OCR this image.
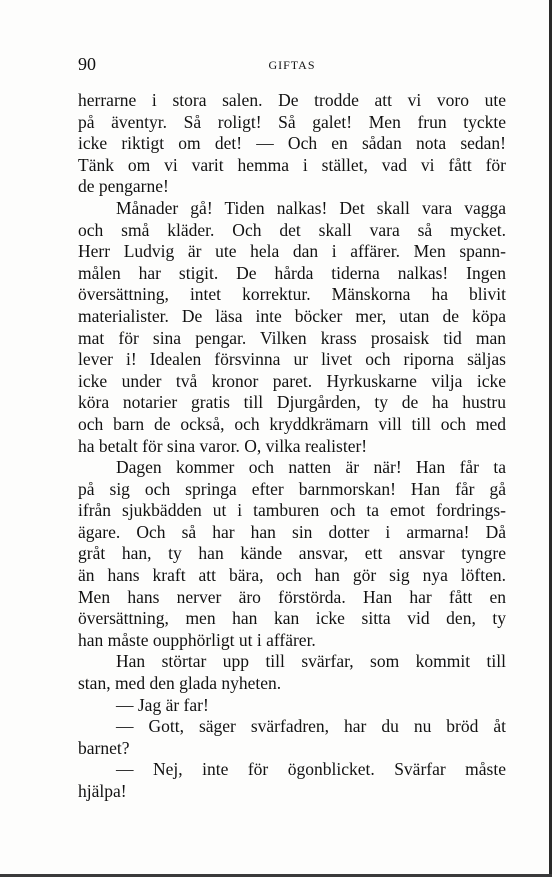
90	GIFTAS
herrarne i stora salen. De trodde att vi voro ute
på äventyr. Så roligt! Så galet! Men frun tyckte
icke riktigt om det! — Och en sådan nota sedan!
Tänk om vi varit hemma i stället, vad vi fått för
de pengarne!
Månader gå! Tiden nalkas! Det skall vara vagga
och små kläder. Och det skall vara så mycket.
Herr Ludvig är ute hela dan i affärer. Men spann-
målen har stigit. De hårda tiderna nalkas! Ingen
översättning, intet korrektur. Mänskorna ha blivit
materialister. De läsa inte böcker mer, utan de köpa
mat för sina pengar. Vilken krass prosaisk tid man
lever i! Idealen försvinna ur livet och riporna säljas
icke under två kronor paret. Hyrkuskarne vilja icke
köra notarier gratis till Djurgården, ty de ha hustru
och barn de också, och kryddkrämarn vill till och med
ha betalt för sina varor. O, vilka realister!
Dagen kommer och natten är när! Han får ta
på sig och springa efter barnmorskan! Han får gå
ifrån sjukbädden ut i tamburen och ta emot fordrings-
ägare. Och så har han sin dotter i armarna! Då
gråt han, ty han kände ansvar, ett ansvar tyngre
än hans kraft att bära, och han gör sig nya löften.
Men hans nerver äro förstörda. Han har fått en
översättning, men han kan icke sitta vid den, ty
han måste oupphörligt ut i affärer.
Han störtar upp till svärfar, som kommit till
stan, med den glada nyheten.
— Jag är far!
— Gott, säger svärfadren, har du nu bröd åt
barnet?
— Nej, inte för ögonblicket. Svärfar måste
hjälpa!
